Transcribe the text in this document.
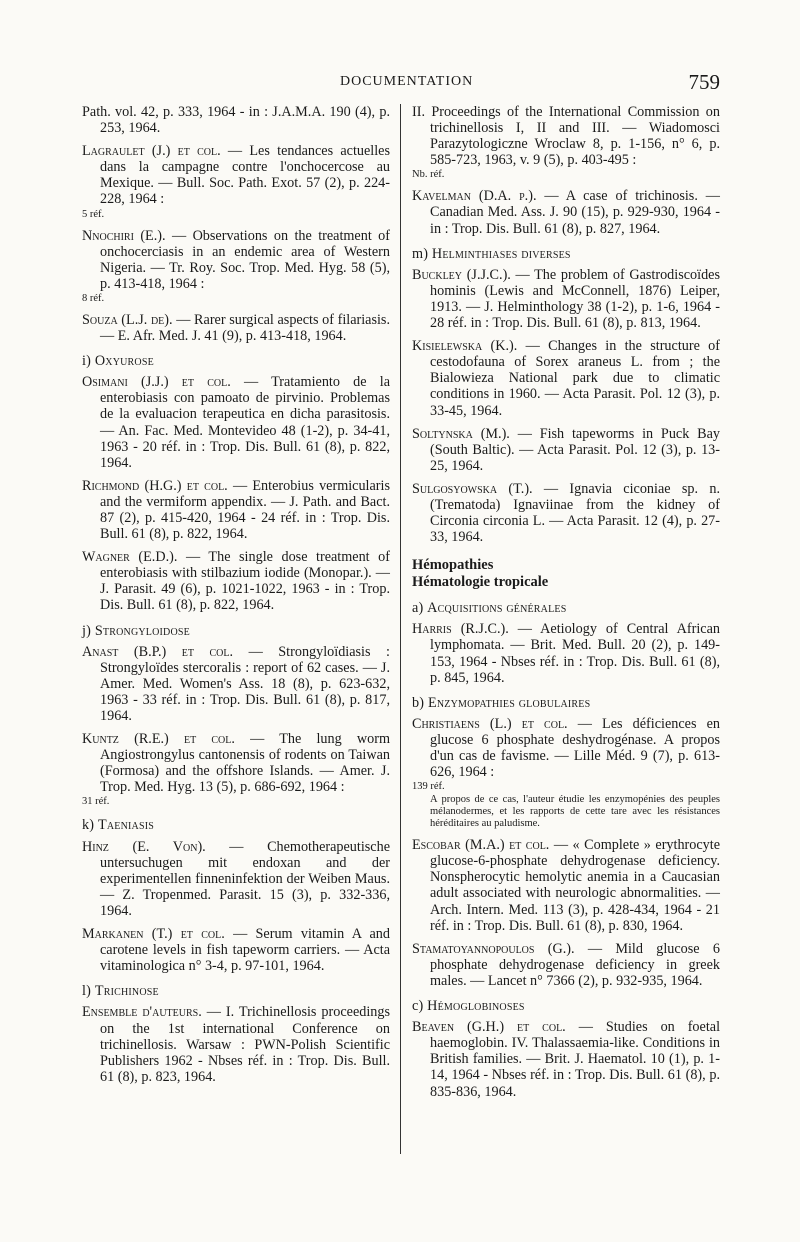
DOCUMENTATION	759

Path. vol. 42, p. 333, 1964 - in : J.A.M.A. 190 (4), p. 253, 1964.

Lagraulet (J.) et col. — Les tendances actuelles dans la campagne contre l'onchocercose au Mexique. — Bull. Soc. Path. Exot. 57 (2), p. 224-228, 1964 :
5 réf.

Nnochiri (E.). — Observations on the treatment of onchocerciasis in an endemic area of Western Nigeria. — Tr. Roy. Soc. Trop. Med. Hyg. 58 (5), p. 413-418, 1964 :
8 réf.

Souza (L.J. de). — Rarer surgical aspects of filariasis. — E. Afr. Med. J. 41 (9), p. 413-418, 1964.

i) Oxyurose

Osimani (J.J.) et col. — Tratamiento de la enterobiasis con pamoato de pirvinio. Problemas de la evaluacion terapeutica en dicha parasitosis. — An. Fac. Med. Montevideo 48 (1-2), p. 34-41, 1963 - 20 réf. in : Trop. Dis. Bull. 61 (8), p. 822, 1964.

Richmond (H.G.) et col. — Enterobius vermicularis and the vermiform appendix. — J. Path. and Bact. 87 (2), p. 415-420, 1964 - 24 réf. in : Trop. Dis. Bull. 61 (8), p. 822, 1964.

Wagner (E.D.). — The single dose treatment of enterobiasis with stilbazium iodide (Monopar.). — J. Parasit. 49 (6), p. 1021-1022, 1963 - in : Trop. Dis. Bull. 61 (8), p. 822, 1964.

j) Strongyloidose

Anast (B.P.) et col. — Strongyloïdiasis : Strongyloïdes stercoralis : report of 62 cases. — J. Amer. Med. Women's Ass. 18 (8), p. 623-632, 1963 - 33 réf. in : Trop. Dis. Bull. 61 (8), p. 817, 1964.

Kuntz (R.E.) et col. — The lung worm Angiostrongylus cantonensis of rodents on Taiwan (Formosa) and the offshore Islands. — Amer. J. Trop. Med. Hyg. 13 (5), p. 686-692, 1964 :
31 réf.

k) Taeniasis

Hinz (E. Von). — Chemotherapeutische untersuchugen mit endoxan and der experimentellen finneninfektion der Weiben Maus. — Z. Tropenmed. Parasit. 15 (3), p. 332-336, 1964.

Markanen (T.) et col. — Serum vitamin A and carotene levels in fish tapeworm carriers. — Acta vitaminologica n° 3-4, p. 97-101, 1964.

l) Trichinose

Ensemble d'auteurs. — I. Trichinellosis proceedings on the 1st international Conference on trichinellosis. Warsaw : PWN-Polish Scientific Publishers 1962 - Nbses réf. in : Trop. Dis. Bull. 61 (8), p. 823, 1964.

II. Proceedings of the International Commission on trichinellosis I, II and III. — Wiadomosci Parazytologiczne Wroclaw 8, p. 1-156, n° 6, p. 585-723, 1963, v. 9 (5), p. 403-495 :
Nb. réf.

Kavelman (D.A. p.). — A case of trichinosis. — Canadian Med. Ass. J. 90 (15), p. 929-930, 1964 - in : Trop. Dis. Bull. 61 (8), p. 827, 1964.

m) Helminthiases diverses

Buckley (J.J.C.). — The problem of Gastrodiscoïdes hominis (Lewis and McConnell, 1876) Leiper, 1913. — J. Helminthology 38 (1-2), p. 1-6, 1964 - 28 réf. in : Trop. Dis. Bull. 61 (8), p. 813, 1964.

Kisielewska (K.). — Changes in the structure of cestodofauna of Sorex araneus L. from ; the Bialowieza National park due to climatic conditions in 1960. — Acta Parasit. Pol. 12 (3), p. 33-45, 1964.

Soltynska (M.). — Fish tapeworms in Puck Bay (South Baltic). — Acta Parasit. Pol. 12 (3), p. 13-25, 1964.

Sulgosyowska (T.). — Ignavia ciconiae sp. n. (Trematoda) Ignaviinae from the kidney of Circonia circonia L. — Acta Parasit. 12 (4), p. 27-33, 1964.

Hémopathies
Hématologie tropicale
a) Acquisitions générales

Harris (R.J.C.). — Aetiology of Central African lymphomata. — Brit. Med. Bull. 20 (2), p. 149-153, 1964 - Nbses réf. in : Trop. Dis. Bull. 61 (8), p. 845, 1964.

b) Enzymopathies globulaires

Christiaens (L.) et col. — Les déficiences en glucose 6 phosphate deshydrogénase. A propos d'un cas de favisme. — Lille Méd. 9 (7), p. 613-626, 1964 :
139 réf.
A propos de ce cas, l'auteur étudie les enzymopénies des peuples mélanodermes, et les rapports de cette tare avec les résistances héréditaires au paludisme.

Escobar (M.A.) et col. — « Complete » erythrocyte glucose-6-phosphate dehydrogenase deficiency. Nonspherocytic hemolytic anemia in a Caucasian adult associated with neurologic abnormalities. — Arch. Intern. Med. 113 (3), p. 428-434, 1964 - 21 réf. in : Trop. Dis. Bull. 61 (8), p. 830, 1964.

Stamatoyannopoulos (G.). — Mild glucose 6 phosphate dehydrogenase deficiency in greek males. — Lancet n° 7366 (2), p. 932-935, 1964.

c) Hémoglobinoses

Beaven (G.H.) et col. — Studies on foetal haemoglobin. IV. Thalassaemia-like. Conditions in British families. — Brit. J. Haematol. 10 (1), p. 1-14, 1964 - Nbses réf. in : Trop. Dis. Bull. 61 (8), p. 835-836, 1964.
